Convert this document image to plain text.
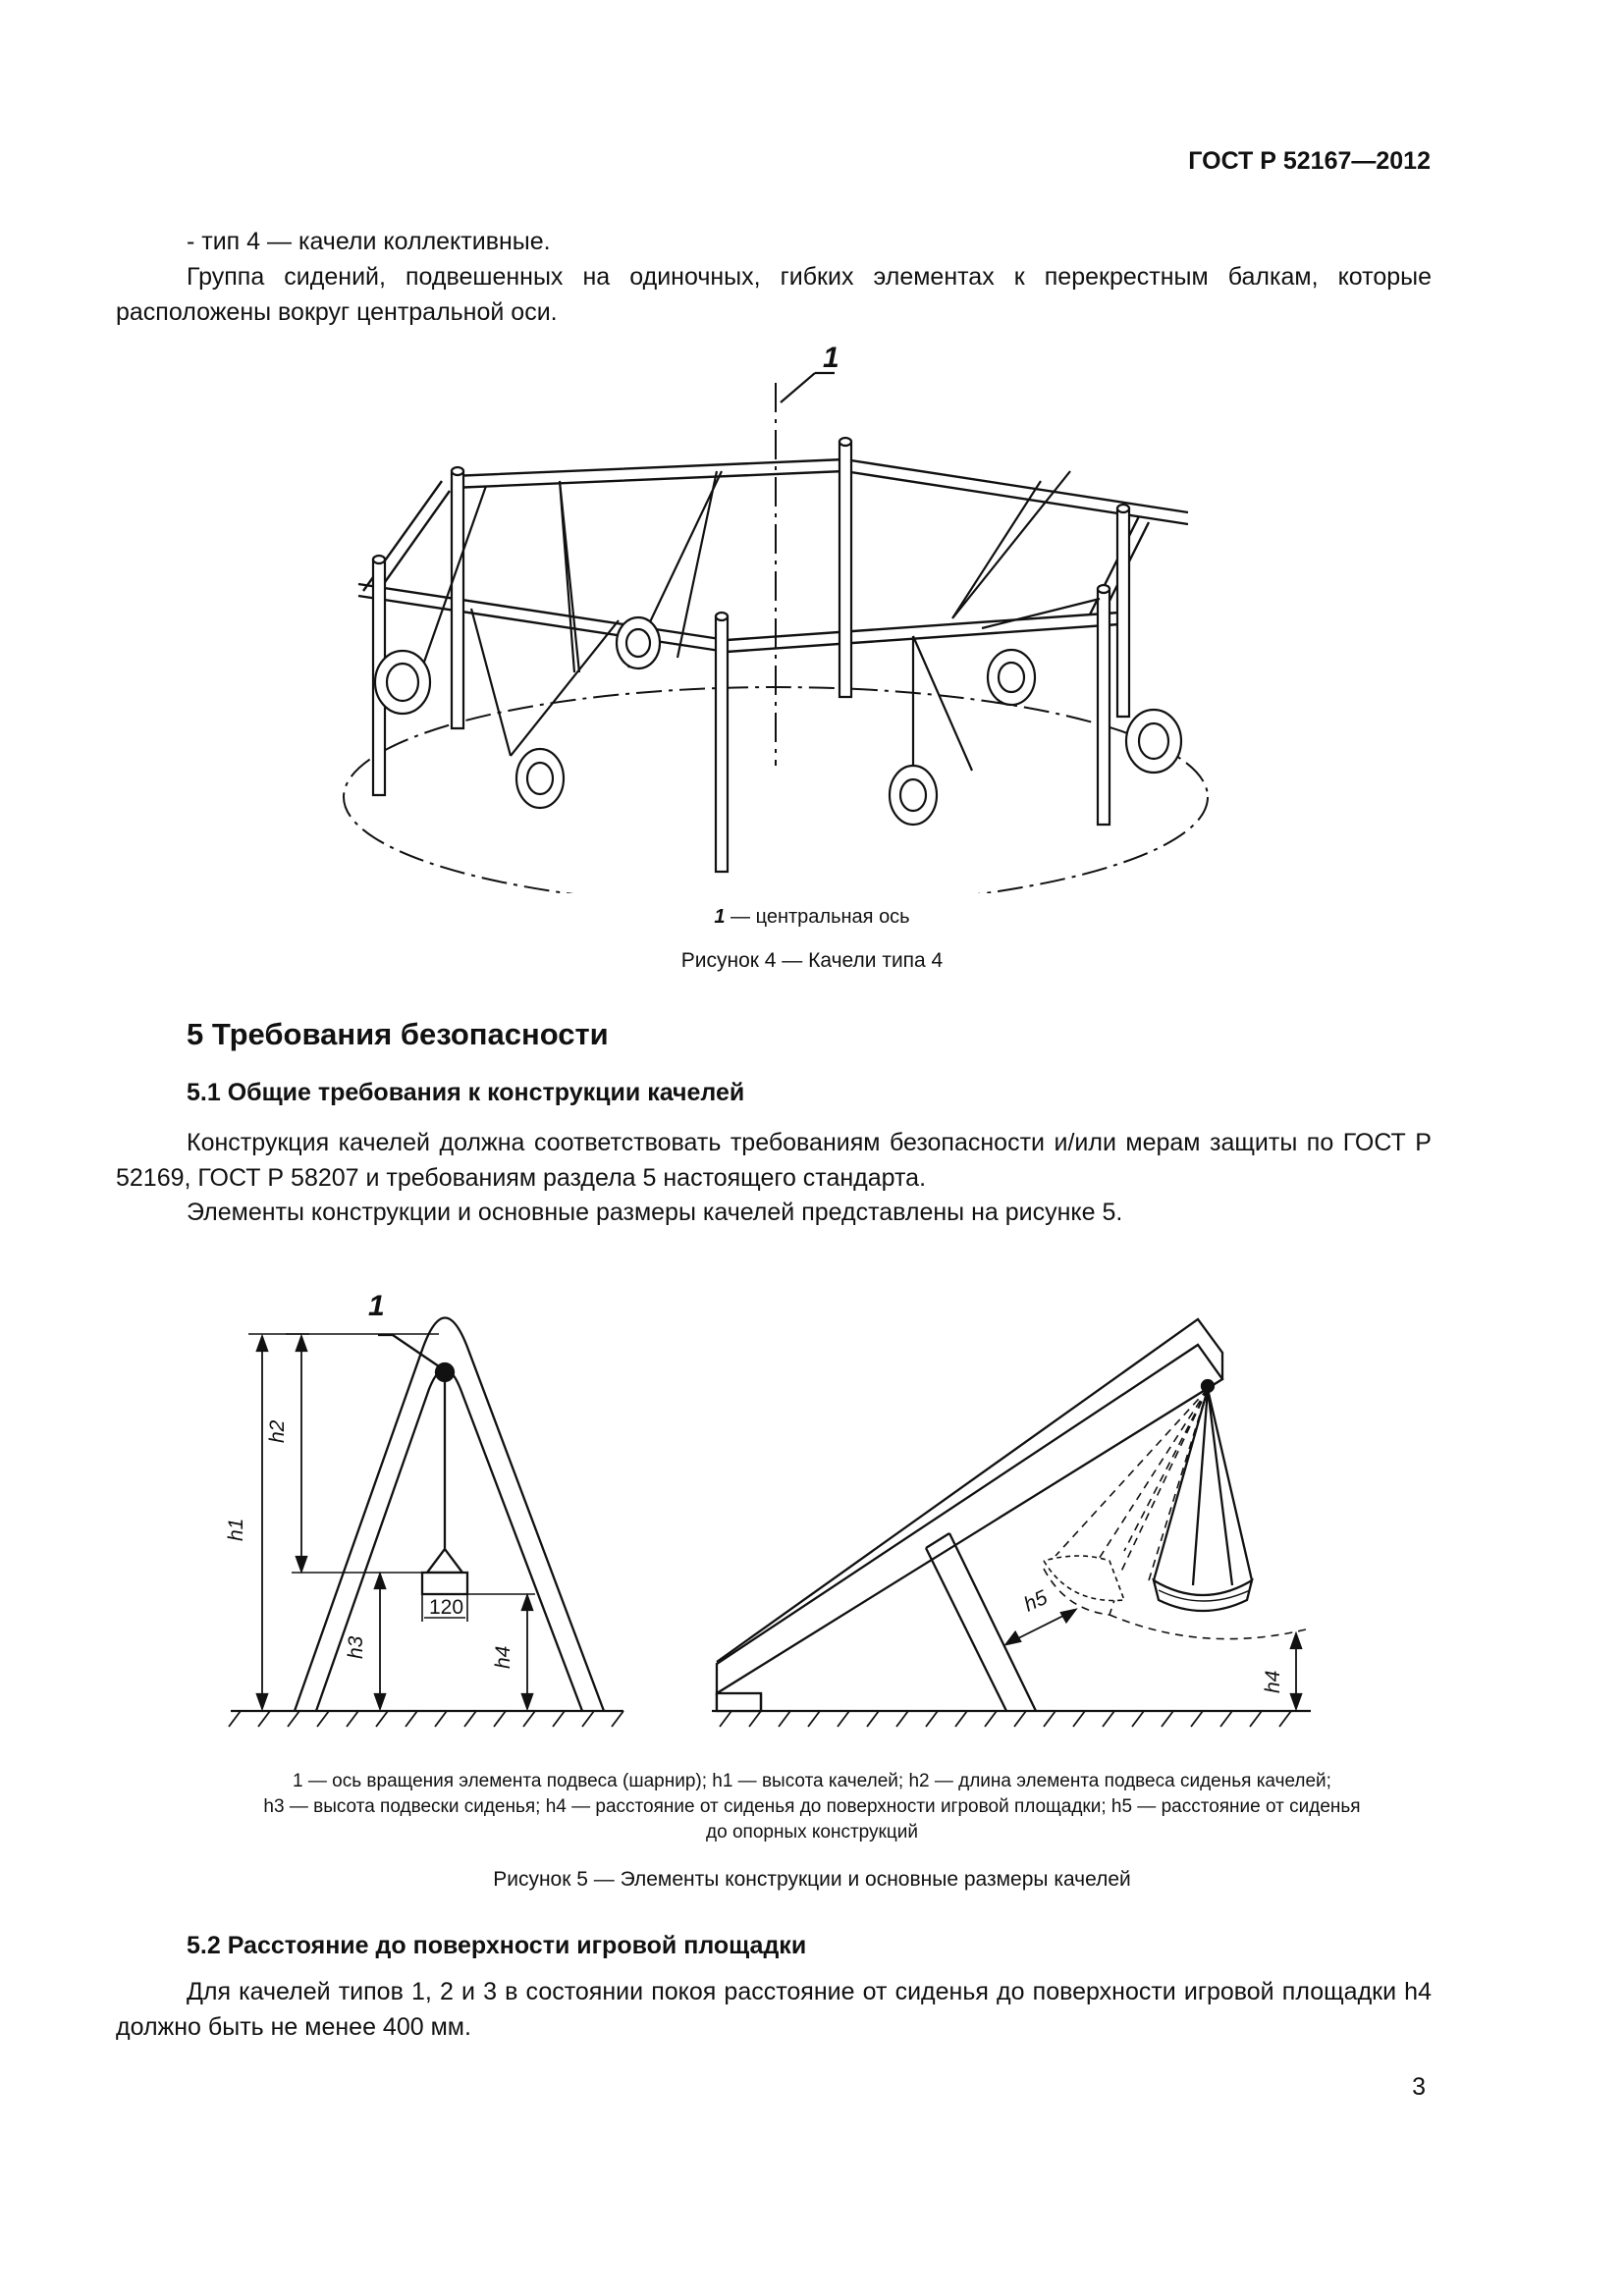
ГОСТ Р 52167—2012
- тип 4 — качели коллективные.
Группа сидений, подвешенных на одиночных, гибких элементах к перекрестным балкам, которые расположены вокруг центральной оси.
1
1 — центральная ось
Рисунок 4 — Качели типа 4
5 Требования безопасности
5.1 Общие требования к конструкции качелей
Конструкция качелей должна соответствовать требованиям безопасности и/или мерам защиты по ГОСТ Р 52169, ГОСТ Р 58207 и требованиям раздела 5 настоящего стандарта.
Элементы конструкции и основные размеры качелей представлены на рисунке 5.
1
h1
h2
h3	h4
120	h5
h4
1 — ось вращения элемента подвеса (шарнир); h1 — высота качелей; h2 — длина элемента подвеса сиденья качелей;
h3 — высота подвески сиденья; h4 — расстояние от сиденья до поверхности игровой площадки; h5 — расстояние от сиденья
до опорных конструкций
Рисунок 5 — Элементы конструкции и основные размеры качелей
5.2 Расстояние до поверхности игровой площадки
Для качелей типов 1, 2 и 3 в состоянии покоя расстояние от сиденья до поверхности игровой площадки h4 должно быть не менее 400 мм.
3
